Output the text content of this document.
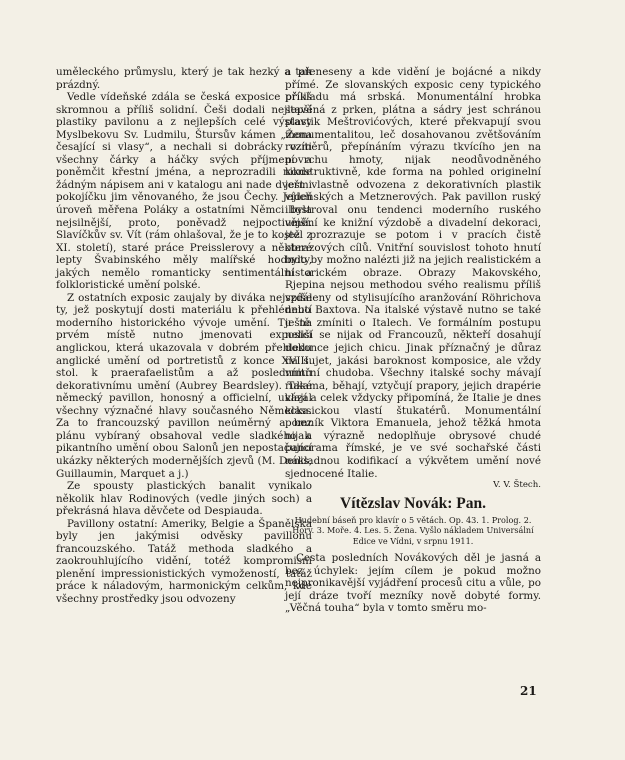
uměleckého průmyslu, který je tak hezký a tak prázdný.

Vedle vídeňské zdála se česká exposice příliš skromnou a příliš solidní. Češi dodali nejlepší plastiky pavilonu a z nejlepších celé výstavy Myslbekovu Sv. Ludmilu, Štursův kámen „Žena česající si vlasy“, a nechali si dobrácky vzíti všechny čárky a háčky svých příjmení a poněmčit křestní jména, a neprozradili nikde žádným nápisem ani v katalogu ani nade dveřmi pokojíčku jim věnovaného, že jsou Čechy. Jejich úroveň měřena Poláky a ostatními Němci byla nejsilnější, proto, poněvadž nejpoctivější. Slavíčkův sv. Vít (rám ohlašoval, že je to kostel z XI. století), staré práce Preisslerovy a některé lepty Švabinského měly malířské hodnoty, jakých nemělo romanticky sentimentální a folkloristické umění polské.

Z ostatních exposic zaujaly by diváka nejspíše ty, jež poskytují dosti materiálu k přehlédnutí moderního historického vývoje umění. Tu na prvém místě nutno jmenovati exposici anglickou, která ukazovala v dobrém přehledu anglické umění od portretistů z konce XVIII. stol. k praerafaelistům a až poslednímu dekorativnímu umění (Aubrey Beardsley). Také německý pavillon, honosný a officielní, ukázal všechny význačné hlavy současného Německa. Za to francouzský pavillon neúměrný a bez plánu vybíraný obsahoval vedle sladkého a pikantního umění obou Salonů jen nepostačující ukázky některých modernějších zjevů (M. Denis, Guillaumin, Marquet a j.)

Ze spousty plastických banalit vynikalo několik hlav Rodinových (vedle jiných soch) a překrásná hlava děvčete od Despiauda.

Pavillony ostatní: Ameriky, Belgie a Španělska byly jen jakýmisi odvěsky pavillonu francouzského. Tatáž methoda sladkého a zaokrouhlujícího vidění, totéž kompromisní plenění impressionistických vymožeností, tatáž práce k náladovým, harmonickým celkům, kde všechny prostředky jsou odvozeny

a přeneseny a kde vidění je bojácné a nikdy přímé. Ze slovanských exposic ceny typického příkladu má srbská. Monumentální hrobka stavěná z prken, plátna a sádry jest schránou plastik Meštrovićových, které překvapují svou monumentalitou, leč dosahovanou zvětšováním rozměrů, přepínáním výrazu tkvícího jen na povrchu hmoty, nijak neodůvodněného konstruktivně, kde forma na pohled originelní jest vlastně odvozena z dekorativních plastik vídeňských a Metznerových. Pak pavillon ruský illustroval onu tendenci moderního ruského umění ke knižní výzdobě a divadelní dekoraci, jež prozrazuje se potom i v pracích čistě obrazových cílů. Vnitřní souvislost tohoto hnutí bylo by možno nalézti již na jejich realistickém a historickém obraze. Obrazy Makovského, Rjepina nejsou methodou svého realismu příliš vzdáleny od stylisujícího aranžování Röhrichova nebo Baxtova. Na italské výstavě nutno se také ještě zmíniti o Italech. Ve formálním postupu neliší se nijak od Francouzů, někteří dosahují dokonce jejich chicu. Jinak příznačný je důraz na sujet, jakási baroknost komposice, ale vždy vnitřní chudoba. Všechny italské sochy mávají rukama, běhají, vztyčují prapory, jejich drapérie vlají a celek vždycky připomíná, že Italie je dnes klassickou vlastí štukatérů. Monumentální pomník Viktora Emanuela, jehož těžká hmota nijak výrazně nedoplňuje obrysové chudé panorama římské, je ve své sochařské části nákladnou kodifikací a výkvětem umění nové sjednocené Italie.

V. V. Štech.

Vítězslav Novák: Pan.
Hudební báseň pro klavír o 5 větách. Op. 43. 1. Prolog. 2. Hory. 3. Moře. 4. Les. 5. Žena. Vyšlo nákladem Universální Edice ve Vídni, v srpnu 1911.

Cesta posledních Novákových děl je jasná a bez úchylek: jejím cílem je pokud možno nejpronikavější vyjádření procesů citu a vůle, po její dráze tvoří mezníky nově dobyté formy. „Věčná touha“ byla v tomto směru mo-

21
